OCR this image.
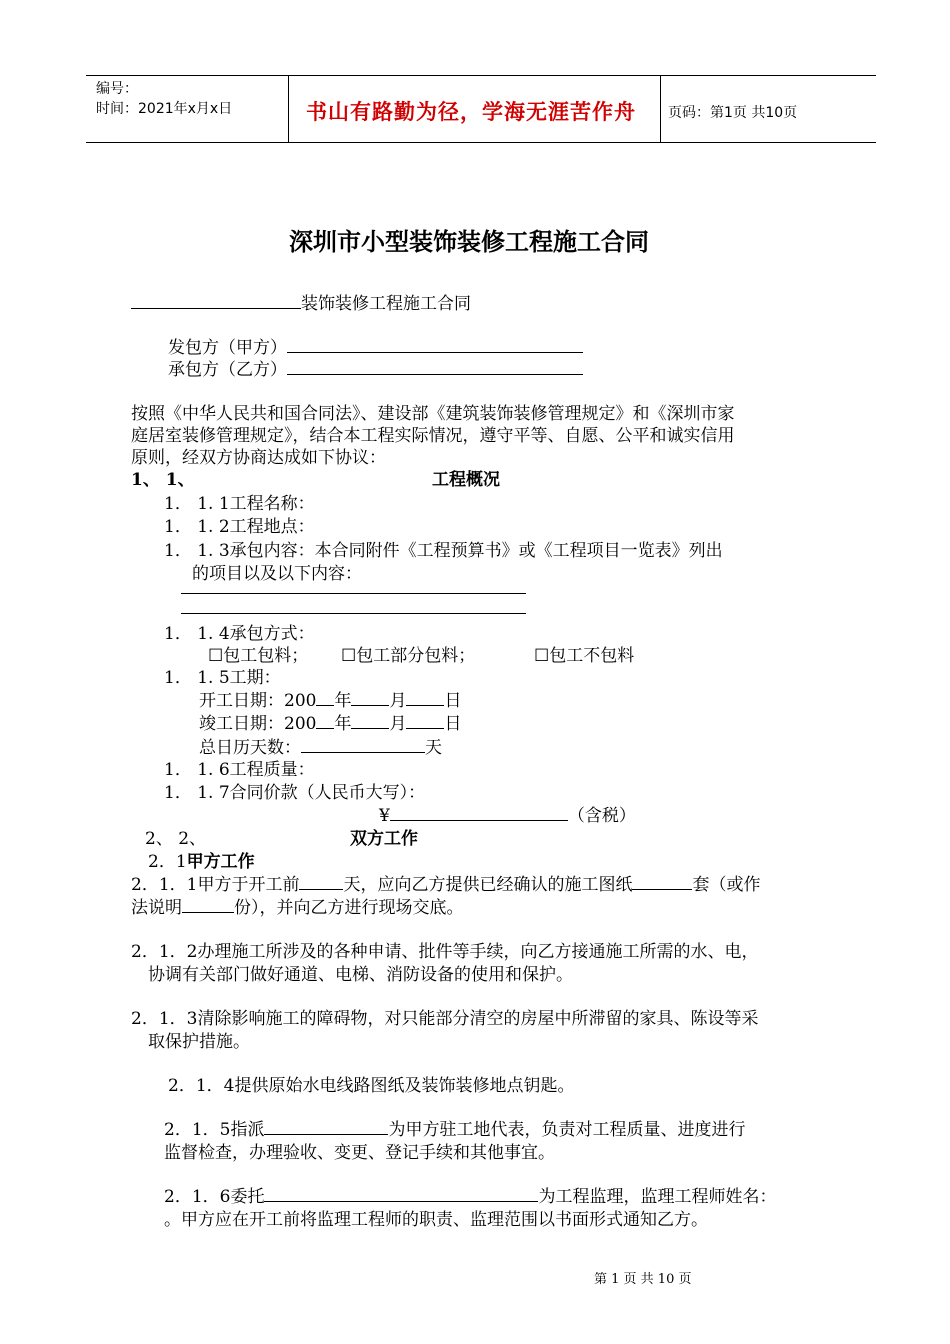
编号：
时间：2021年x月x日	书山有路勤为径，学海无涯苦作舟 页码：第1页 共10页
深圳市小型装饰装修工程施工合同
装饰装修工程施工合同
发包方（甲方）
承包方（乙方）
按照《中华人民共和国合同法》、建设部《建筑装饰装修管理规定》和《深圳市家
庭居室装修管理规定》，结合本工程实际情况，遵守平等、自愿、公平和诚实信用
原则，经双方协商达成如下协议：
1、 1、	工程概况
1． 1. 1工程名称：
1． 1. 2工程地点：
1． 1. 3承包内容：本合同附件《工程预算书》或《工程项目一览表》列出
的项目以及以下内容：
1． 1. 4承包方式：
☐包工包料； ☐包工部分包料；	☐包工不包料
1． 1. 5工期：
开工日期：200 年 月 日
竣工日期：200 年 月 日
总日历天数：	天
1． 1. 6工程质量：
1． 1. 7合同价款（人民币大写）：
¥	（含税）
2、 2、	双方工作
2．1甲方工作
2．1．1甲方于开工前	天，应向乙方提供已经确认的施工图纸	套（或作
法说明	份），并向乙方进行现场交底。
2．1．2办理施工所涉及的各种申请、批件等手续，向乙方接通施工所需的水、电，
协调有关部门做好通道、电梯、消防设备的使用和保护。
2．1．3清除影响施工的障碍物，对只能部分清空的房屋中所滞留的家具、陈设等采
取保护措施。
2．1．4提供原始水电线路图纸及装饰装修地点钥匙。
2．1．5指派	为甲方驻工地代表，负责对工程质量、进度进行
监督检查，办理验收、变更、登记手续和其他事宜。
2．1．6委托	为工程监理，监理工程师姓名：
。甲方应在开工前将监理工程师的职责、监理范围以书面形式通知乙方。
第 1 页 共 10 页
